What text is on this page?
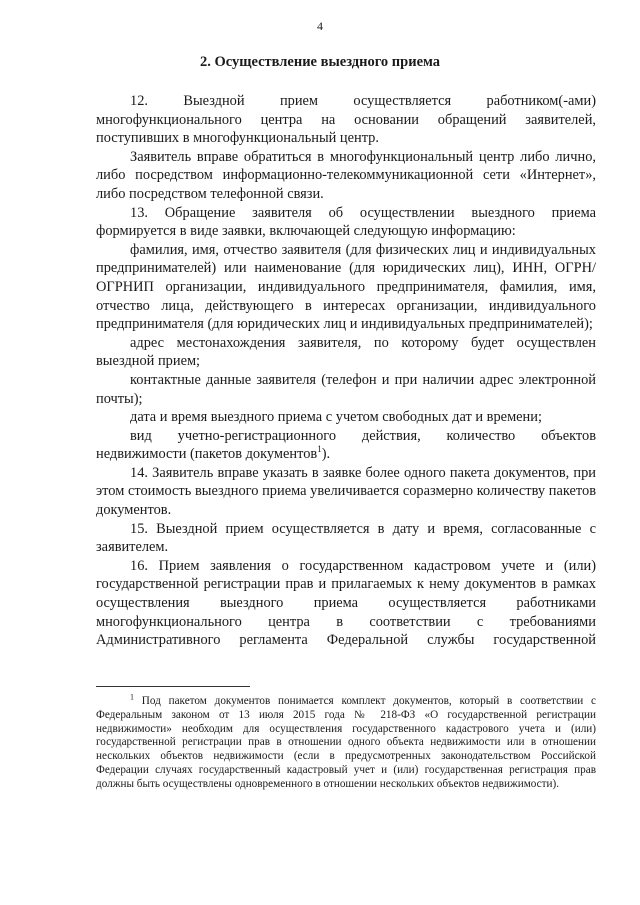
4
2. Осуществление выездного приема

12. Выездной прием осуществляется работником(-ами) многофункционального центра на основании обращений заявителей, поступивших в многофункциональный центр.

Заявитель вправе обратиться в многофункциональный центр либо лично, либо посредством информационно-телекоммуникационной сети «Интернет», либо посредством телефонной связи.

13. Обращение заявителя об осуществлении выездного приема формируется в виде заявки, включающей следующую информацию:

фамилия, имя, отчество заявителя (для физических лиц и индивидуальных предпринимателей) или наименование (для юридических лиц), ИНН, ОГРН/ОГРНИП организации, индивидуального предпринимателя, фамилия, имя, отчество лица, действующего в интересах организации, индивидуального предпринимателя (для юридических лиц и индивидуальных предпринимателей);

адрес местонахождения заявителя, по которому будет осуществлен выездной прием;

контактные данные заявителя (телефон и при наличии адрес электронной почты);

дата и время выездного приема с учетом свободных дат и времени;

вид учетно-регистрационного действия, количество объектов недвижимости (пакетов документов$^1$).

14. Заявитель вправе указать в заявке более одного пакета документов, при этом стоимость выездного приема увеличивается соразмерно количеству пакетов документов.

15. Выездной прием осуществляется в дату и время, согласованные с заявителем.

16. Прием заявления о государственном кадастровом учете и (или) государственной регистрации прав и прилагаемых к нему документов в рамках осуществления выездного приема осуществляется работниками многофункционального центра в соответствии с требованиями Административного регламента Федеральной службы государственной

$^1$ Под пакетом документов понимается комплект документов, который в соответствии с Федеральным законом от 13 июля 2015 года № 218-ФЗ «О государственной регистрации недвижимости» необходим для осуществления государственного кадастрового учета и (или) государственной регистрации прав в отношении одного объекта недвижимости или в отношении нескольких объектов недвижимости (если в предусмотренных законодательством Российской Федерации случаях государственный кадастровый учет и (или) государственная регистрация прав должны быть осуществлены одновременного в отношении нескольких объектов недвижимости).
